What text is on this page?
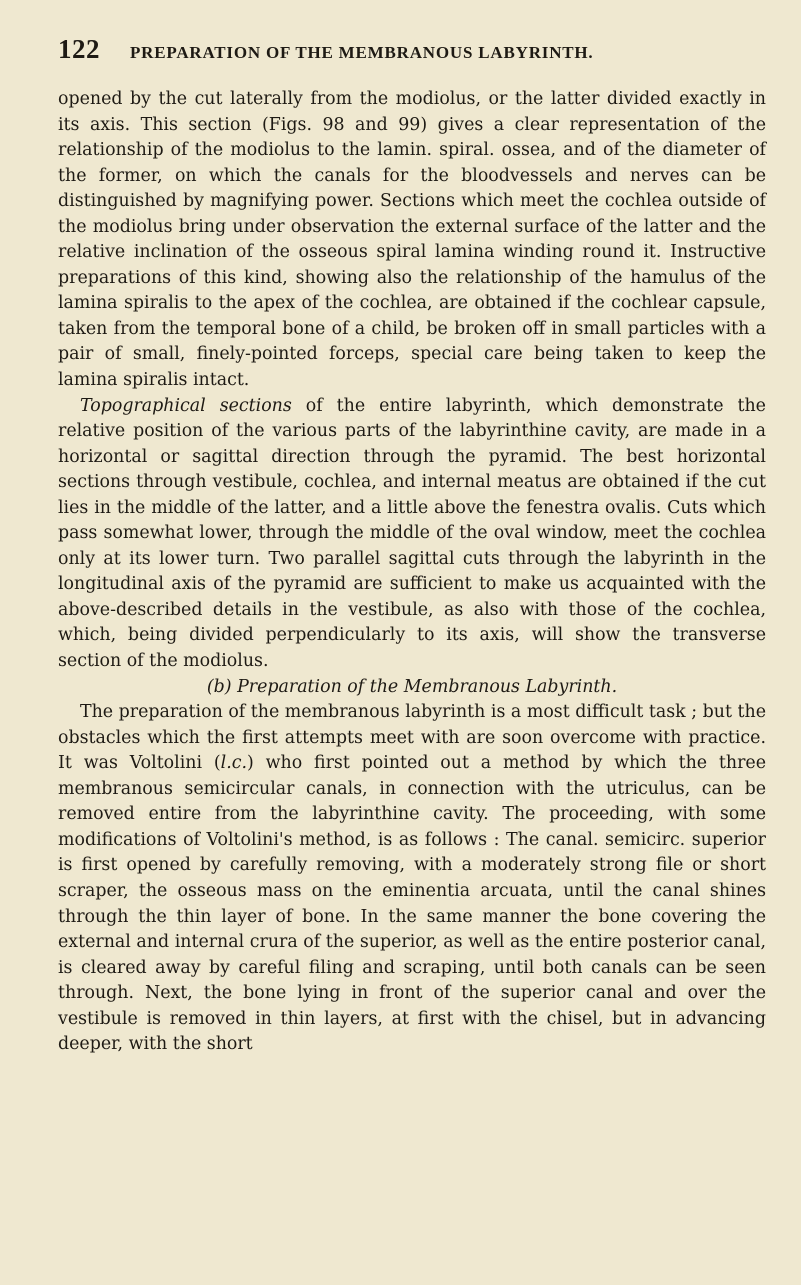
122 PREPARATION OF THE MEMBRANOUS LABYRINTH.

opened by the cut laterally from the modiolus, or the latter divided exactly in its axis. This section (Figs. 98 and 99) gives a clear representation of the relationship of the modiolus to the lamin. spiral. ossea, and of the diameter of the former, on which the canals for the bloodvessels and nerves can be distinguished by magnifying power. Sections which meet the cochlea outside of the modiolus bring under observation the external surface of the latter and the relative inclination of the osseous spiral lamina winding round it. Instructive preparations of this kind, showing also the relationship of the hamulus of the lamina spiralis to the apex of the cochlea, are obtained if the cochlear capsule, taken from the temporal bone of a child, be broken off in small particles with a pair of small, finely-pointed forceps, special care being taken to keep the lamina spiralis intact.

Topographical sections of the entire labyrinth, which demonstrate the relative position of the various parts of the labyrinthine cavity, are made in a horizontal or sagittal direction through the pyramid. The best horizontal sections through vestibule, cochlea, and internal meatus are obtained if the cut lies in the middle of the latter, and a little above the fenestra ovalis. Cuts which pass somewhat lower, through the middle of the oval window, meet the cochlea only at its lower turn. Two parallel sagittal cuts through the labyrinth in the longitudinal axis of the pyramid are sufficient to make us acquainted with the above-described details in the vestibule, as also with those of the cochlea, which, being divided perpendicularly to its axis, will show the transverse section of the modiolus.

(b) Preparation of the Membranous Labyrinth.

The preparation of the membranous labyrinth is a most difficult task ; but the obstacles which the first attempts meet with are soon overcome with practice. It was Voltolini (l.c.) who first pointed out a method by which the three membranous semicircular canals, in connection with the utriculus, can be removed entire from the labyrinthine cavity. The proceeding, with some modifications of Voltolini's method, is as follows : The canal. semicirc. superior is first opened by carefully removing, with a moderately strong file or short scraper, the osseous mass on the eminentia arcuata, until the canal shines through the thin layer of bone. In the same manner the bone covering the external and internal crura of the superior, as well as the entire posterior canal, is cleared away by careful filing and scraping, until both canals can be seen through. Next, the bone lying in front of the superior canal and over the vestibule is removed in thin layers, at first with the chisel, but in advancing deeper, with the short
